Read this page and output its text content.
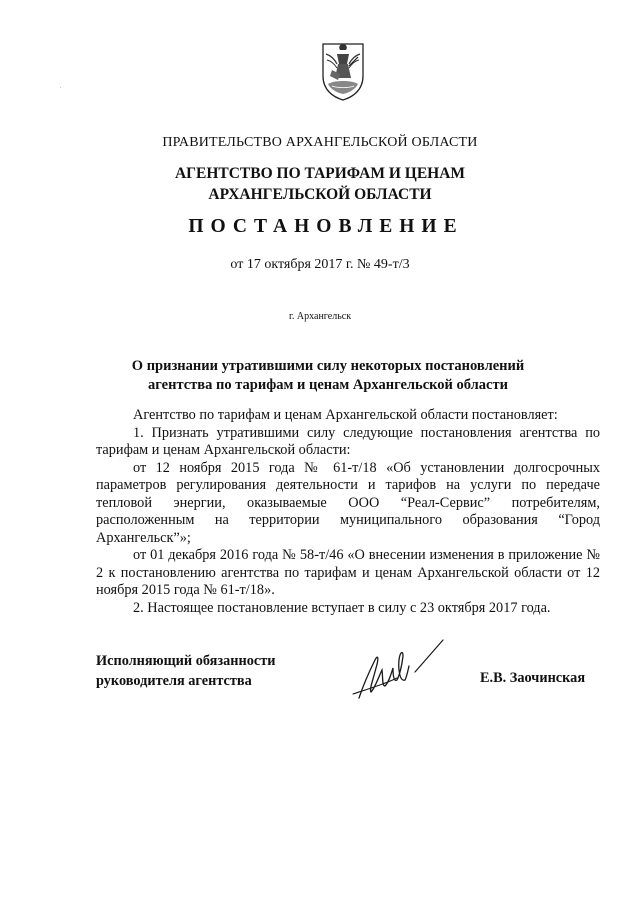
ПРАВИТЕЛЬСТВО АРХАНГЕЛЬСКОЙ ОБЛАСТИ
АГЕНТСТВО ПО ТАРИФАМ И ЦЕНАМ
АРХАНГЕЛЬСКОЙ ОБЛАСТИ
ПОСТАНОВЛЕНИЕ
от 17 октября 2017 г. № 49-т/3
г. Архангельск
О признании утратившими силу некоторых постановлений
агентства по тарифам и ценам Архангельской области

Агентство по тарифам и ценам Архангельской области постановляет:

1. Признать утратившими силу следующие постановления агентства по тарифам и ценам Архангельской области:

от 12 ноября 2015 года № 61-т/18 «Об установлении долгосрочных параметров регулирования деятельности и тарифов на услуги по передаче тепловой энергии, оказываемые ООО “Реал-Сервис” потребителям, расположенным на территории муниципального образования “Город Архангельск”»;

от 01 декабря 2016 года № 58-т/46 «О внесении изменения в приложение № 2 к постановлению агентства по тарифам и ценам Архангельской области от 12 ноября 2015 года № 61-т/18».

2. Настоящее постановление вступает в силу с 23 октября 2017 года.

Исполняющий обязанности
руководителя агентства	Е.В. Заочинская
